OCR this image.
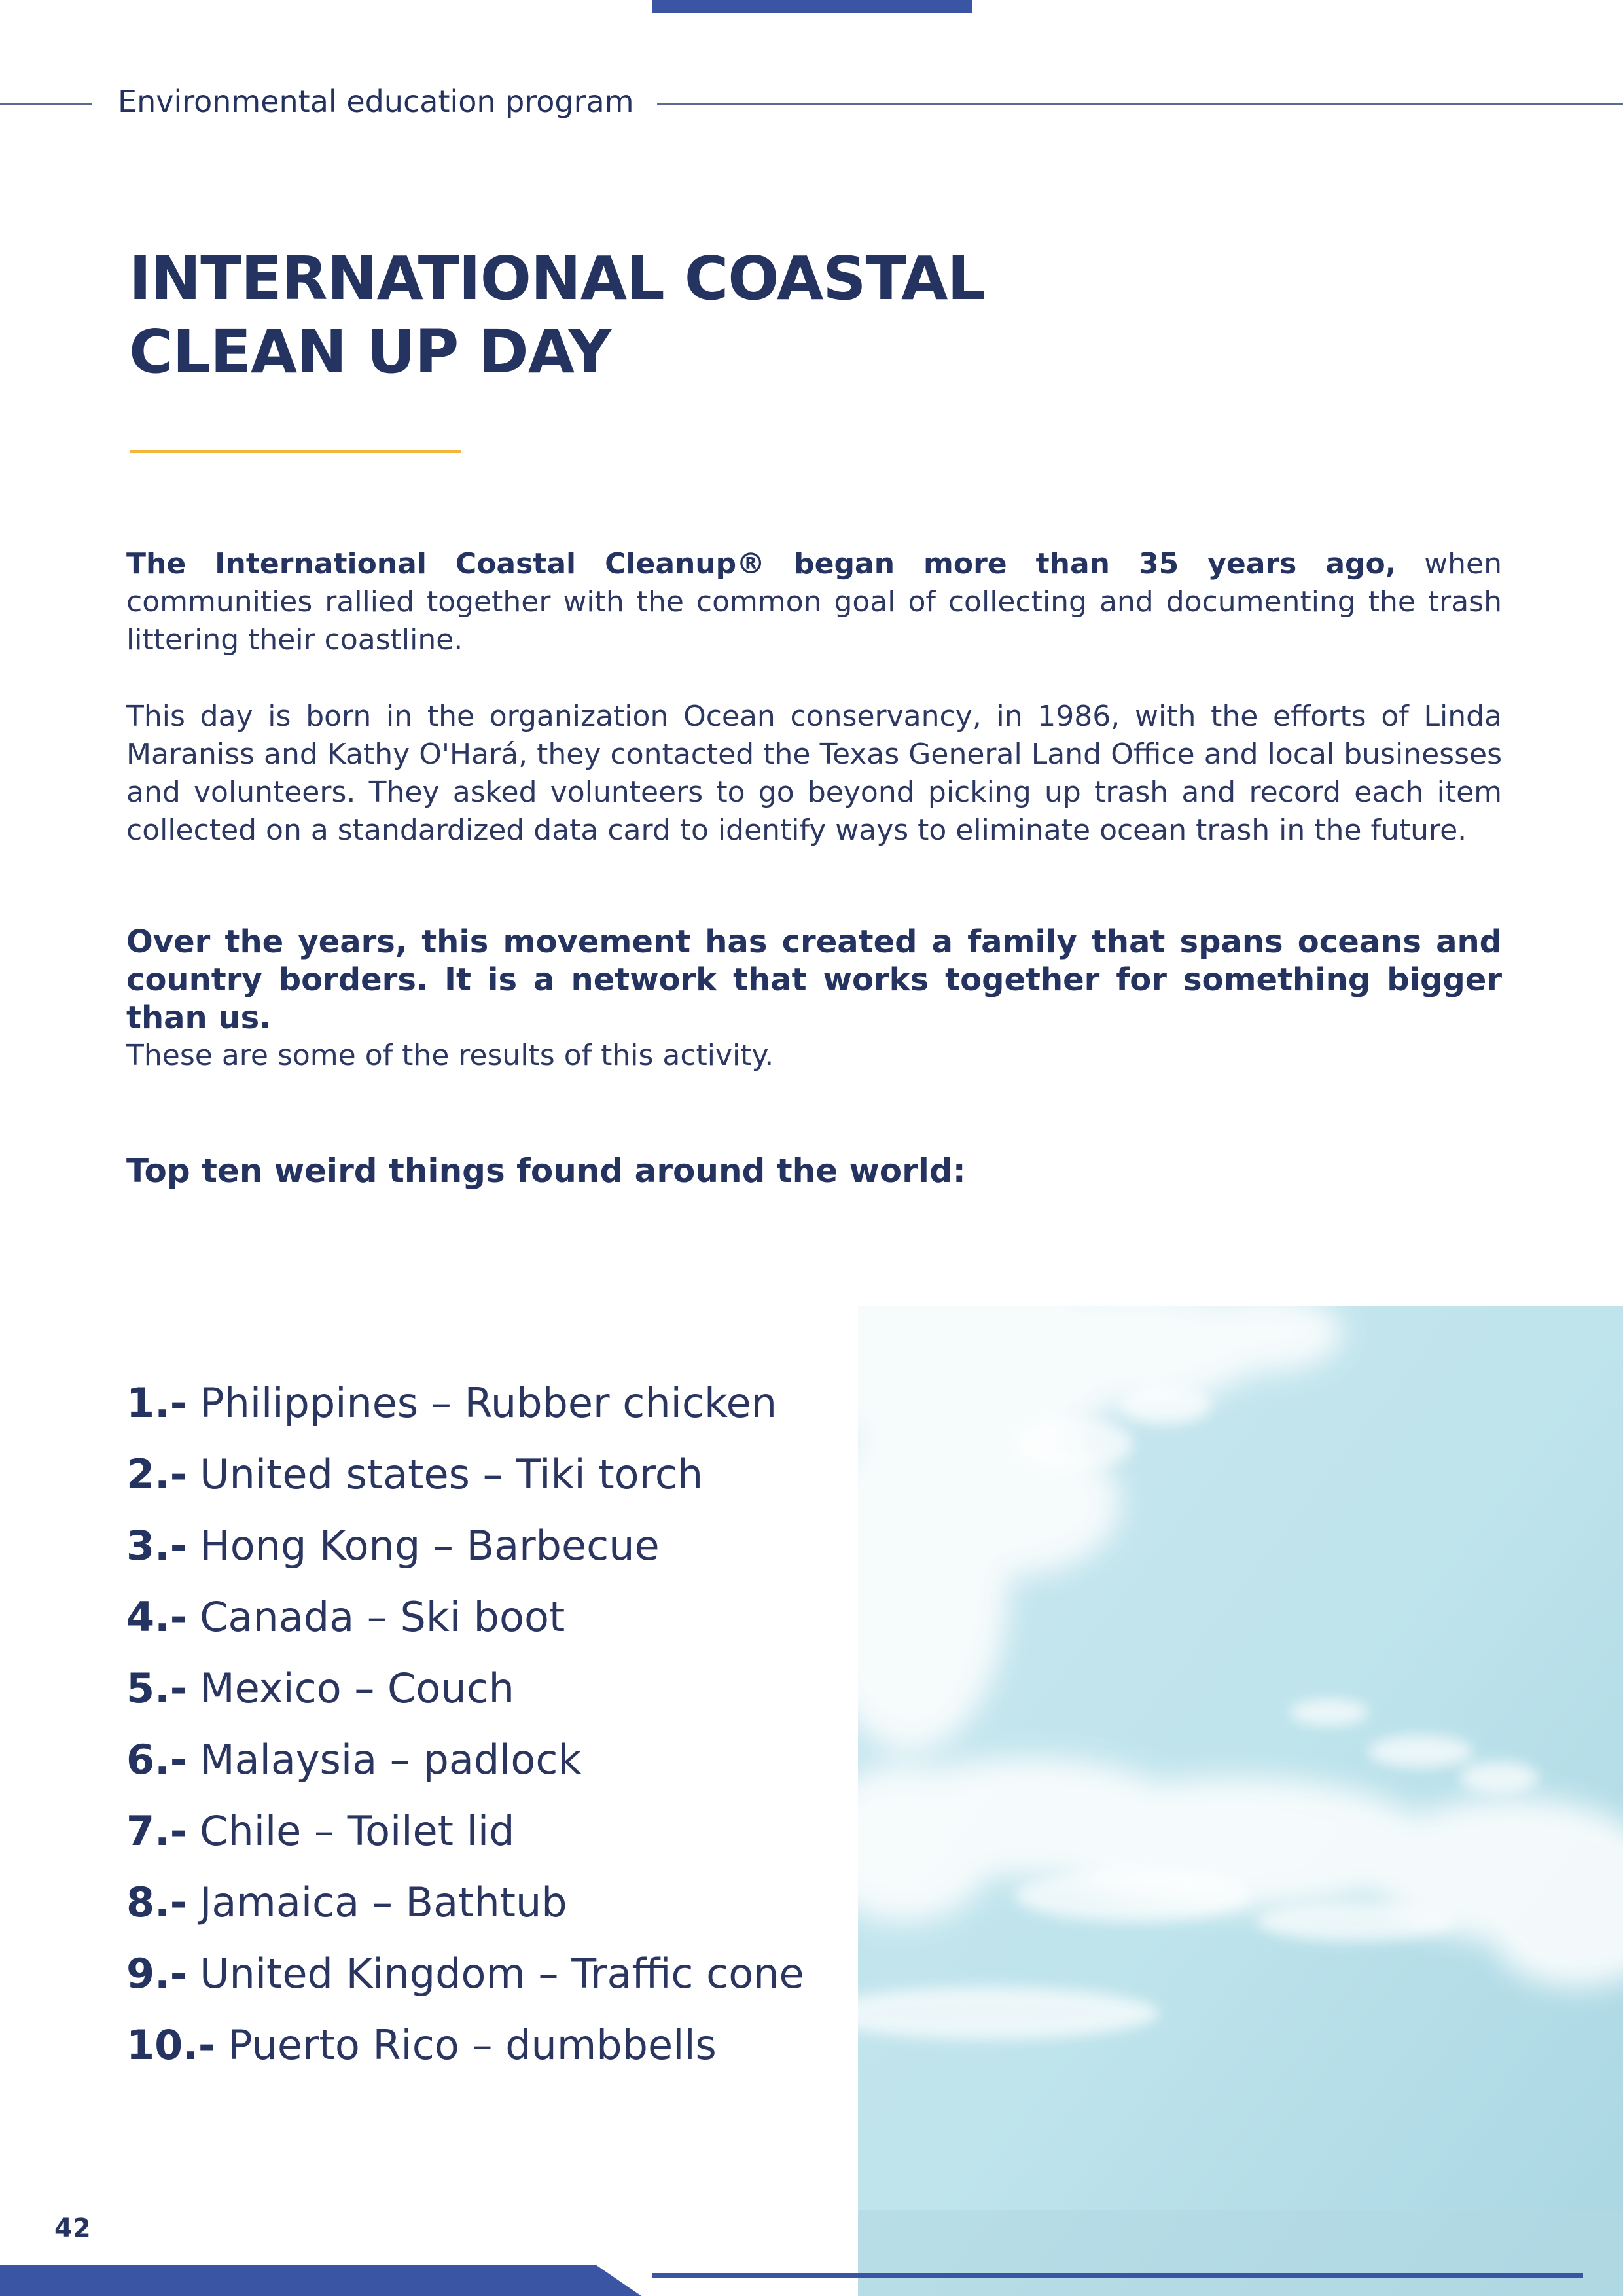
Environmental education program
INTERNATIONAL COASTAL
CLEAN UP DAY

The International Coastal Cleanup® began more than 35 years ago, when communities rallied together with the common goal of collecting and documenting the trash littering their coastline.

This day is born in the organization Ocean conservancy, in 1986, with the efforts of Linda Maraniss and Kathy O'Hará, they contacted the Texas General Land Office and local businesses and volunteers. They asked volunteers to go beyond picking up trash and record each item collected on a standardized data card to identify ways to eliminate ocean trash in the future.

Over the years, this movement has created a family that spans oceans and country borders. It is a network that works together for something bigger than us.

These are some of the results of this activity.

Top ten weird things found around the world:
1.- Philippines – Rubber chicken
2.- United states – Tiki torch
3.- Hong Kong – Barbecue
4.- Canada – Ski boot
5.- Mexico – Couch
6.- Malaysia – padlock
7.- Chile – Toilet lid
8.- Jamaica – Bathtub
9.- United Kingdom – Traffic cone
10.- Puerto Rico – dumbbells
42
